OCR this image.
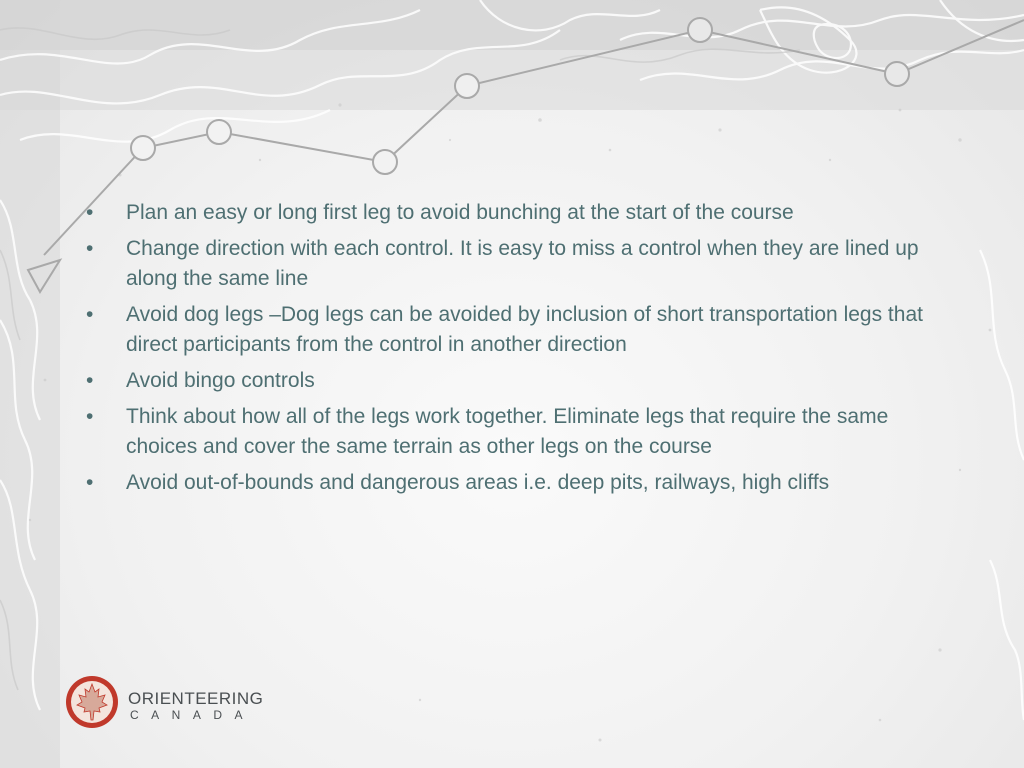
•	Plan an easy or long first leg to avoid bunching at the start of the course
•	Change direction with each control. It is easy to miss a control when they are lined up along the same line
•	Avoid dog legs –Dog legs can be avoided by inclusion of short transportation legs that direct participants from the control in another direction
•	Avoid bingo controls
•	Think about how all of the legs work together. Eliminate legs that require the same choices and cover the same terrain as other legs on the course
•	Avoid out-of-bounds and dangerous areas i.e. deep pits, railways, high cliffs
ORIENTEERING
CANADA
